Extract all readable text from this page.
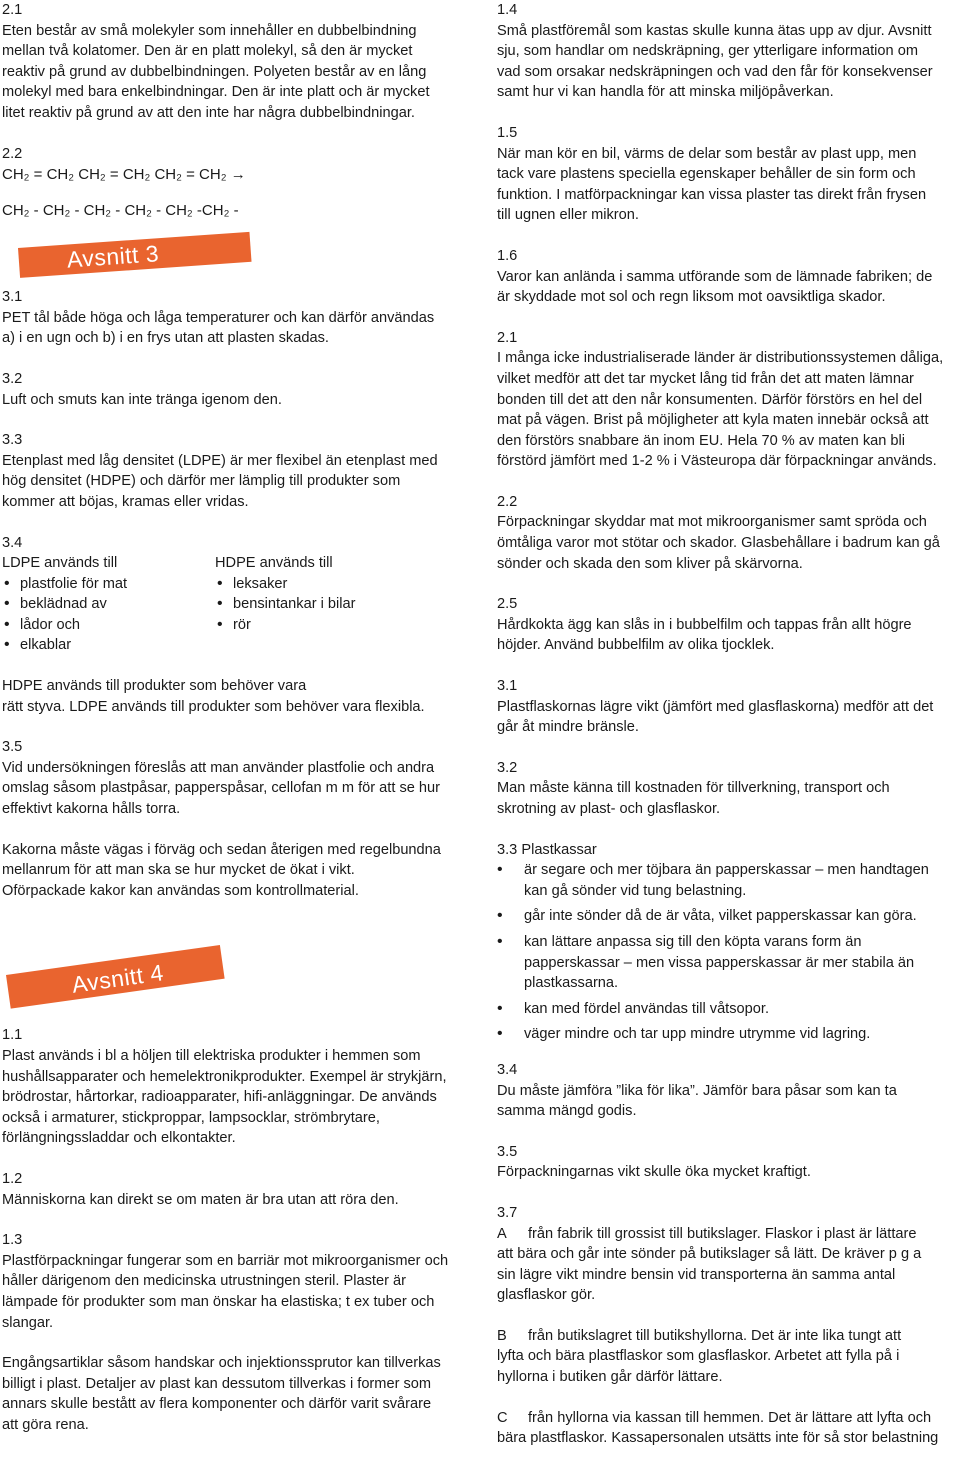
2.1

Eten består av små molekyler som innehåller en dubbelbindning

mellan två kolatomer. Den är en platt molekyl, så den är mycket

reaktiv på grund av dubbelbindningen. Polyeten består av en lång

molekyl med bara enkelbindningar. Den är inte platt och är mycket

litet reaktiv på grund av att den inte har några dubbelbindningar.

2.2

CH₂ = CH₂ CH₂ = CH₂ CH₂ = CH₂ →

CH₂ - CH₂ - CH₂ - CH₂ - CH₂ -CH₂ -

Avsnitt 3

3.1

PET tål både höga och låga temperaturer och kan därför användas

a) i en ugn och b) i en frys utan att plasten skadas.

3.2

Luft och smuts kan inte tränga igenom den.

3.3

Etenplast med låg densitet (LDPE) är mer flexibel än etenplast med

hög densitet (HDPE) och därför mer lämplig till produkter som

kommer att böjas, kramas eller vridas.

3.4

LDPE används till

• plastfolie för mat
• beklädnad av
• lådor och
• elkablar

HDPE används till

• leksaker
• bensintankar i bilar
• rör

HDPE används till produkter som behöver vara

rätt styva. LDPE används till produkter som behöver vara flexibla.

3.5

Vid undersökningen föreslås att man använder plastfolie och andra

omslag såsom plastpåsar, papperspåsar, cellofan m m för att se hur

effektivt kakorna hålls torra.

Kakorna måste vägas i förväg och sedan återigen med regelbundna

mellanrum för att man ska se hur mycket de ökat i vikt.

Oförpackade kakor kan användas som kontrollmaterial.

Avsnitt 4

1.1

Plast används i bl a höljen till elektriska produkter i hemmen som

hushållsapparater och hemelektronikprodukter. Exempel är strykjärn,

brödrostar, hårtorkar, radioapparater, hifi-anläggningar. De används

också i armaturer, stickproppar, lampsocklar, strömbrytare,

förlängningssladdar och elkontakter.

1.2

Människorna kan direkt se om maten är bra utan att röra den.

1.3

Plastförpackningar fungerar som en barriär mot mikroorganismer och

håller därigenom den medicinska utrustningen steril. Plaster är

lämpade för produkter som man önskar ha elastiska; t ex tuber och

slangar.

Engångsartiklar såsom handskar och injektionssprutor kan tillverkas

billigt i plast. Detaljer av plast kan dessutom tillverkas i former som

annars skulle bestått av flera komponenter och därför varit svårare

att göra rena.

1.4

Små plastföremål som kastas skulle kunna ätas upp av djur. Avsnitt

sju, som handlar om nedskräpning, ger ytterligare information om

vad som orsakar nedskräpningen och vad den får för konsekvenser

samt hur vi kan handla för att minska miljöpåverkan.

1.5

När man kör en bil, värms de delar som består av plast upp, men

tack vare plastens speciella egenskaper behåller de sin form och

funktion. I matförpackningar kan vissa plaster tas direkt från frysen

till ugnen eller mikron.

1.6

Varor kan anlända i samma utförande som de lämnade fabriken; de

är skyddade mot sol och regn liksom mot oavsiktliga skador.

2.1

I många icke industrialiserade länder är distributionssystemen dåliga,

vilket medför att det tar mycket lång tid från det att maten lämnar

bonden till det att den når konsumenten. Därför förstörs en hel del

mat på vägen. Brist på möjligheter att kyla maten innebär också att

den förstörs snabbare än inom EU. Hela 70 % av maten kan bli

förstörd jämfört med 1-2 % i Västeuropa där förpackningar används.

2.2

Förpackningar skyddar mat mot mikroorganismer samt spröda och

ömtåliga varor mot stötar och skador. Glasbehållare i badrum kan gå

sönder och skada den som kliver på skärvorna.

2.5

Hårdkokta ägg kan slås in i bubbelfilm och tappas från allt högre

höjder. Använd bubbelfilm av olika tjocklek.

3.1

Plastflaskornas lägre vikt (jämfört med glasflaskorna) medför att det

går åt mindre bränsle.

3.2

Man måste känna till kostnaden för tillverkning, transport och

skrotning av plast- och glasflaskor.

3.3 Plastkassar

• är segare och mer töjbara än papperskassar – men handtagen

kan gå sönder vid tung belastning.

• går inte sönder då de är våta, vilket papperskassar kan göra.

• kan lättare anpassa sig till den köpta varans form än

papperskassar – men vissa papperskassar är mer stabila än

plastkassarna.

• kan med fördel användas till våtsopor.

• väger mindre och tar upp mindre utrymme vid lagring.

3.4

Du måste jämföra ”lika för lika”. Jämför bara påsar som kan ta

samma mängd godis.

3.5

Förpackningarnas vikt skulle öka mycket kraftigt.

3.7

A	från fabrik till grossist till butikslager. Flaskor i plast är lättare

att bära och går inte sönder på butikslager så lätt. De kräver p g a

sin lägre vikt mindre bensin vid transporterna än samma antal

glasflaskor gör.

B	från butikslagret till butikshyllorna. Det är inte lika tungt att

lyfta och bära plastflaskor som glasflaskor. Arbetet att fylla på i

hyllorna i butiken går därför lättare.

C	från hyllorna via kassan till hemmen. Det är lättare att lyfta och

bära plastflaskor. Kassapersonalen utsätts inte för så stor belastning
